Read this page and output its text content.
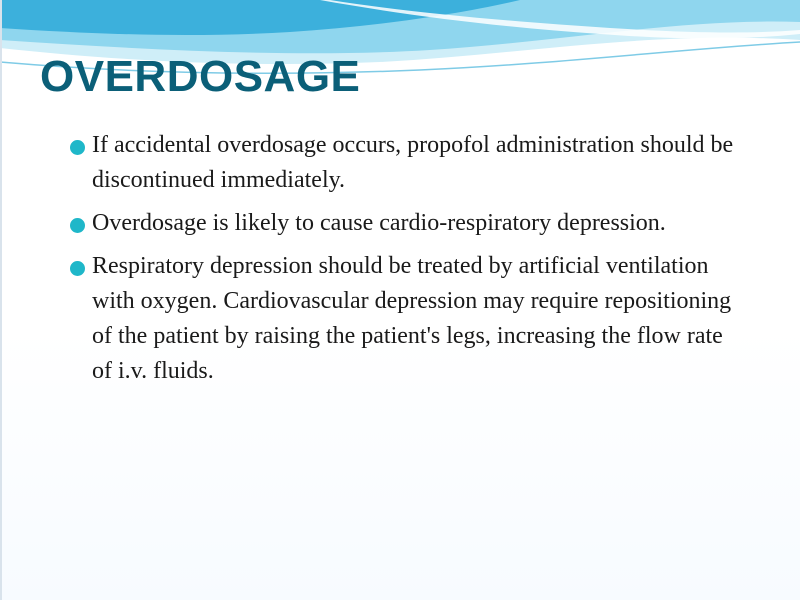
OVERDOSAGE
If accidental overdosage occurs, propofol administration should be discontinued immediately.
Overdosage is likely to cause cardio-respiratory depression.
Respiratory depression should be treated by artificial ventilation with oxygen. Cardiovascular depression may require repositioning of the patient by raising the patient's legs, increasing the flow rate of i.v. fluids.
